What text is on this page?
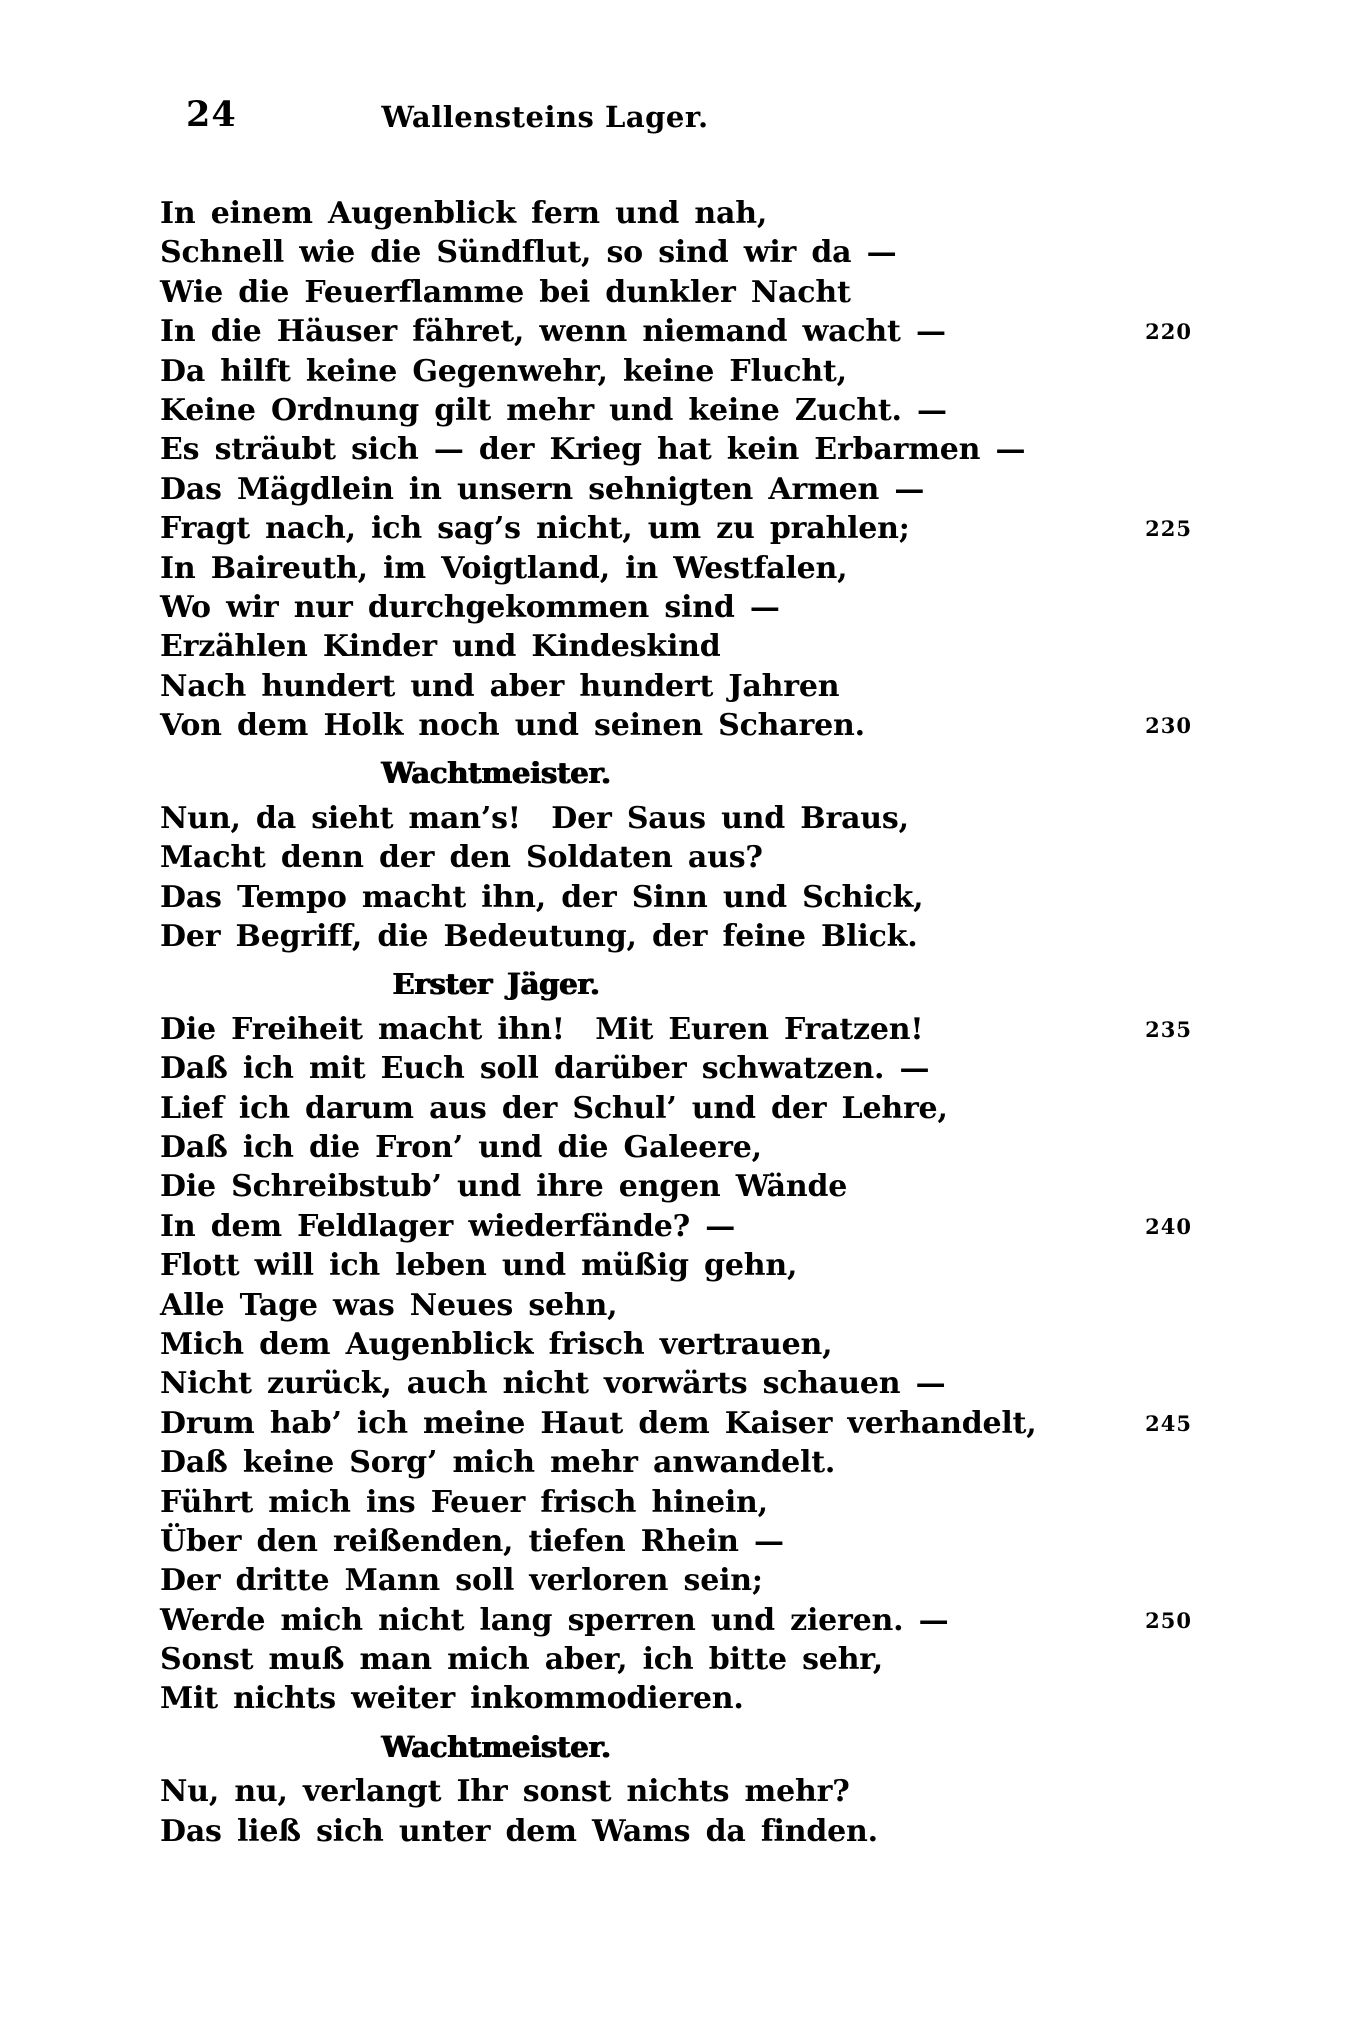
24	Wallensteins Lager.
In einem Augenblick fern und nah,
Schnell wie die Sündflut, so sind wir da —
Wie die Feuerflamme bei dunkler Nacht
In die Häuser fähret, wenn niemand wacht —	220
Da hilft keine Gegenwehr, keine Flucht,
Keine Ordnung gilt mehr und keine Zucht. —
Es sträubt sich — der Krieg hat kein Erbarmen —
Das Mägdlein in unsern sehnigten Armen —
Fragt nach, ich sag’s nicht, um zu prahlen;	225
In Baireuth, im Voigtland, in Westfalen,
Wo wir nur durchgekommen sind —
Erzählen Kinder und Kindeskind
Nach hundert und aber hundert Jahren
Von dem Holk noch und seinen Scharen.	230
Wachtmeister.
Nun, da sieht man’s!  Der Saus und Braus,
Macht denn der den Soldaten aus?
Das Tempo macht ihn, der Sinn und Schick,
Der Begriff, die Bedeutung, der feine Blick.
Erster Jäger.
Die Freiheit macht ihn!  Mit Euren Fratzen!	235
Daß ich mit Euch soll darüber schwatzen. —
Lief ich darum aus der Schul’ und der Lehre,
Daß ich die Fron’ und die Galeere,
Die Schreibstub’ und ihre engen Wände
In dem Feldlager wiederfände? —	240
Flott will ich leben und müßig gehn,
Alle Tage was Neues sehn,
Mich dem Augenblick frisch vertrauen,
Nicht zurück, auch nicht vorwärts schauen —
Drum hab’ ich meine Haut dem Kaiser verhandelt,	245
Daß keine Sorg’ mich mehr anwandelt.
Führt mich ins Feuer frisch hinein,
Über den reißenden, tiefen Rhein —
Der dritte Mann soll verloren sein;
Werde mich nicht lang sperren und zieren. —	250
Sonst muß man mich aber, ich bitte sehr,
Mit nichts weiter inkommodieren.
Wachtmeister.
Nu, nu, verlangt Ihr sonst nichts mehr?
Das ließ sich unter dem Wams da finden.
